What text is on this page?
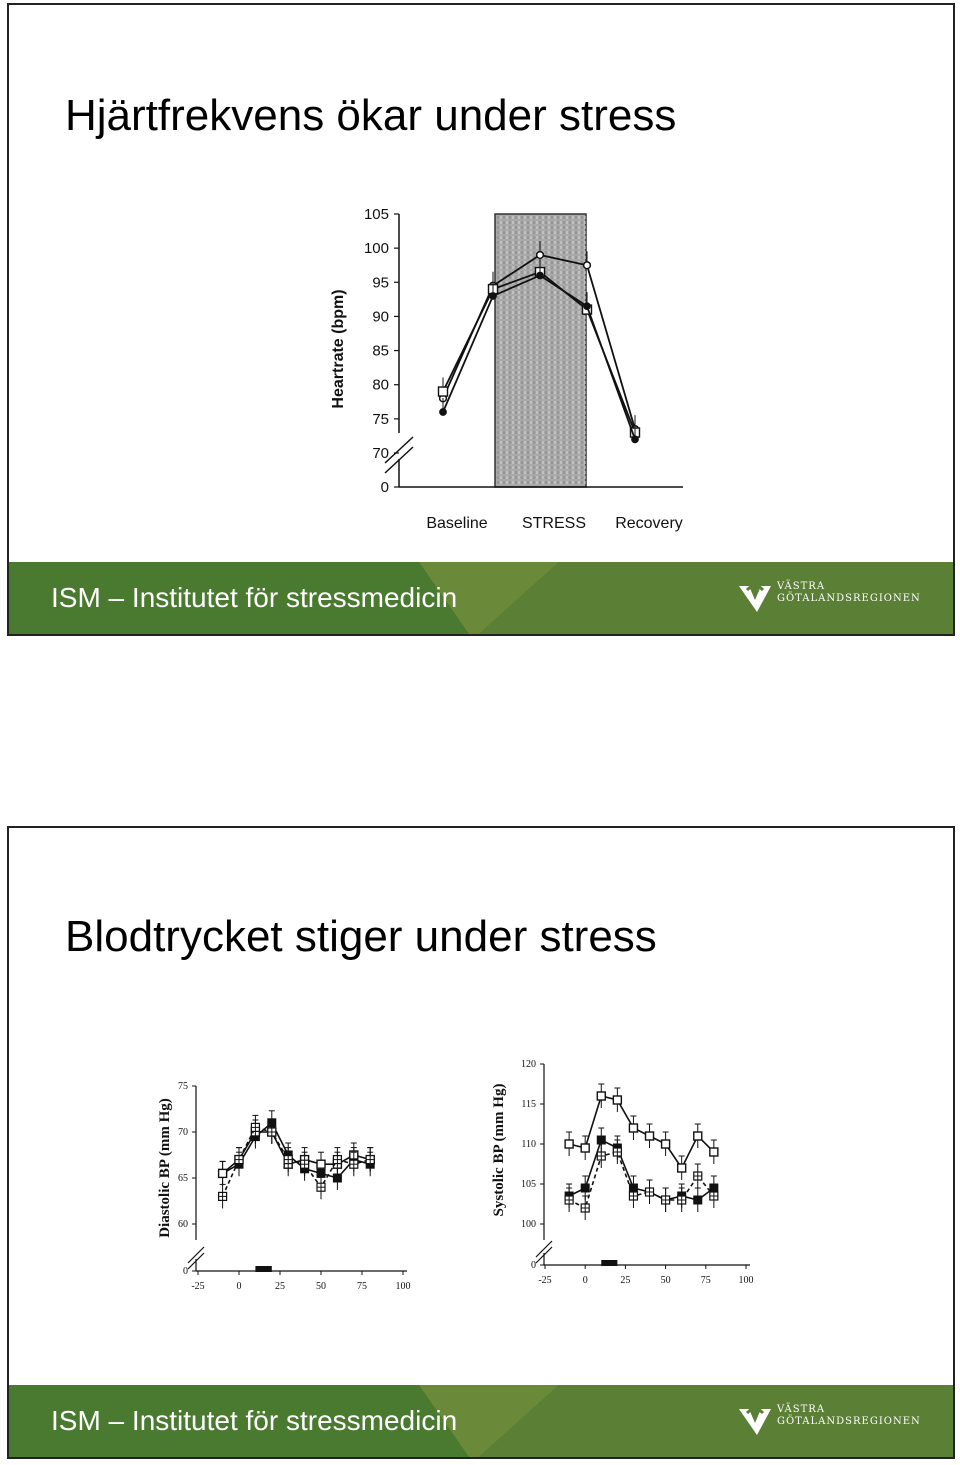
Hjärtfrekvens ökar under stress
0
70
75
80
85
90
95
100
105
Heartrate (bpm)
Baseline STRESS Recovery
ISM – Institutet för stressmedicin	VÄSTRA
GÖTALANDSREGIONEN
Blodtrycket stiger under stress
0
60
65
70
75
-25	0	25	50	75	100
Diastolic BP (mm Hg)
0
100
105
110
115
120
-25	0	25	50	75	100
Systolic BP (mm Hg)
ISM – Institutet för stressmedicin	VÄSTRA
GÖTALANDSREGIONEN
